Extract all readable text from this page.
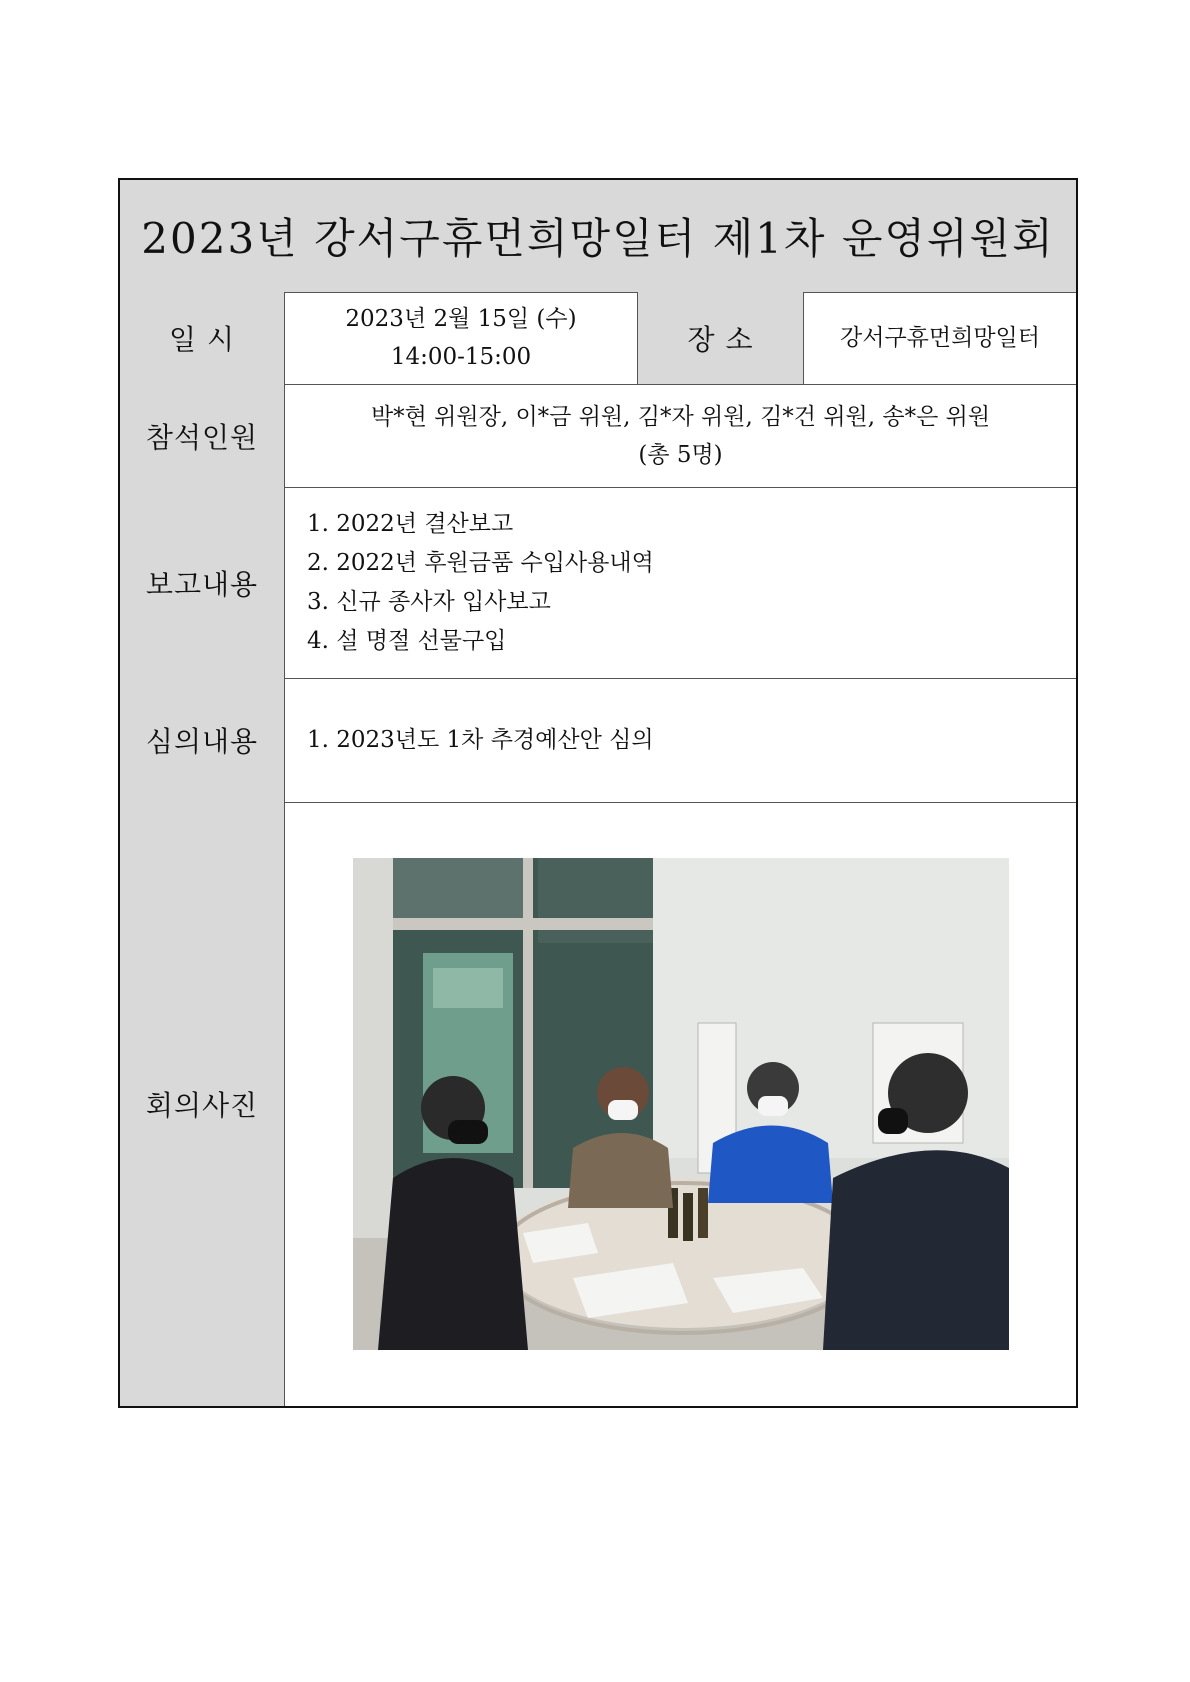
2023년 강서구휴먼희망일터 제1차 운영위원회
일 시
2023년 2월 15일 (수)
14:00-15:00
장 소	강서구휴먼희망일터
참석인원
박*현 위원장, 이*금 위원, 김*자 위원, 김*건 위원, 송*은 위원
(총 5명)
보고내용
1. 2022년 결산보고
2. 2022년 후원금품 수입사용내역
3. 신규 종사자 입사보고
4. 설 명절 선물구입
심의내용	1. 2023년도 1차 추경예산안 심의
회의사진
